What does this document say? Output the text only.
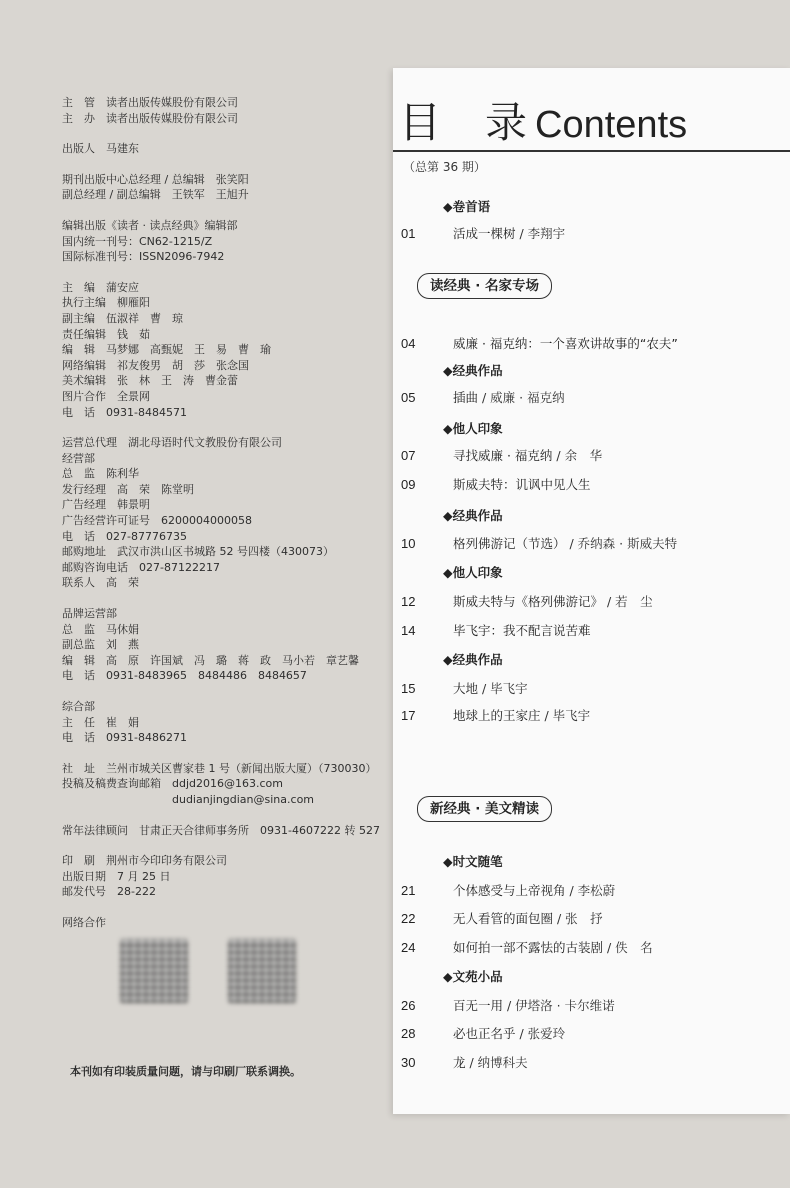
主　管　读者出版传媒股份有限公司
主　办　读者出版传媒股份有限公司
出版人　马建东
期刊出版中心总经理 / 总编辑　张笑阳
副总经理 / 副总编辑　王铁军　王旭升
编辑出版《读者 · 读点经典》编辑部
国内统一刊号：CN62-1215/Z
国际标准刊号：ISSN2096-7942
主　编　蒲安应
执行主编　柳雁阳
副主编　伍淑祥　曹　琼
责任编辑　钱　茹
编　辑　马梦娜　高甄妮　王　易　曹　瑜
网络编辑　祁友俊男　胡　莎　张念国
美术编辑　张　林　王　涛　曹金蕾
图片合作　全景网
电　话　0931-8484571
运营总代理　湖北母语时代文教股份有限公司
经营部
总　监　陈利华
发行经理　高　荣　陈堂明
广告经理　韩景明
广告经营许可证号　6200004000058
电　话　027-87776735
邮购地址　武汉市洪山区书城路 52 号四楼（430073）
邮购咨询电话　027-87122217
联系人　高　荣
品牌运营部
总　监　马休娟
副总监　刘　燕
编　辑　高　原　许国斌　冯　璐　蒋　政　马小若　章艺馨
电　话　0931-8483965　8484486　8484657
综合部
主　任　崔　娟
电　话　0931-8486271
社　址　兰州市城关区曹家巷 1 号（新闻出版大厦）（730030）
投稿及稿费查询邮箱　ddjd2016@163.com
　　　　　　　　　　dudianjingdian@sina.com
常年法律顾问　甘肃正天合律师事务所　0931-4607222 转 527
印　刷　荆州市今印印务有限公司
出版日期　7 月 25 日
邮发代号　28-222
网络合作
本刊如有印装质量问题，请与印刷厂联系调换。
目 录 Contents
（总第 36 期）
◆卷首语
01	活成一棵树 / 李翔宇
读经典 · 名家专场
04	威廉 · 福克纳：一个喜欢讲故事的“农夫”
◆经典作品
05	插曲 / 威廉 · 福克纳
◆他人印象
07	寻找威廉 · 福克纳 / 余　华
09	斯威夫特：讥讽中见人生
◆经典作品
10	格列佛游记（节选） / 乔纳森 · 斯威夫特
◆他人印象
12	斯威夫特与《格列佛游记》 / 若　尘
14	毕飞宇：我不配言说苦难
◆经典作品
15	大地 / 毕飞宇
17	地球上的王家庄 / 毕飞宇
新经典 · 美文精读
◆时文随笔
21	个体感受与上帝视角 / 李松蔚
22	无人看管的面包圈 / 张　抒
24	如何拍一部不露怯的古装剧 / 佚　名
◆文苑小品
26	百无一用 / 伊塔洛 · 卡尔维诺
28	必也正名乎 / 张爱玲
30	龙 / 纳博科夫
